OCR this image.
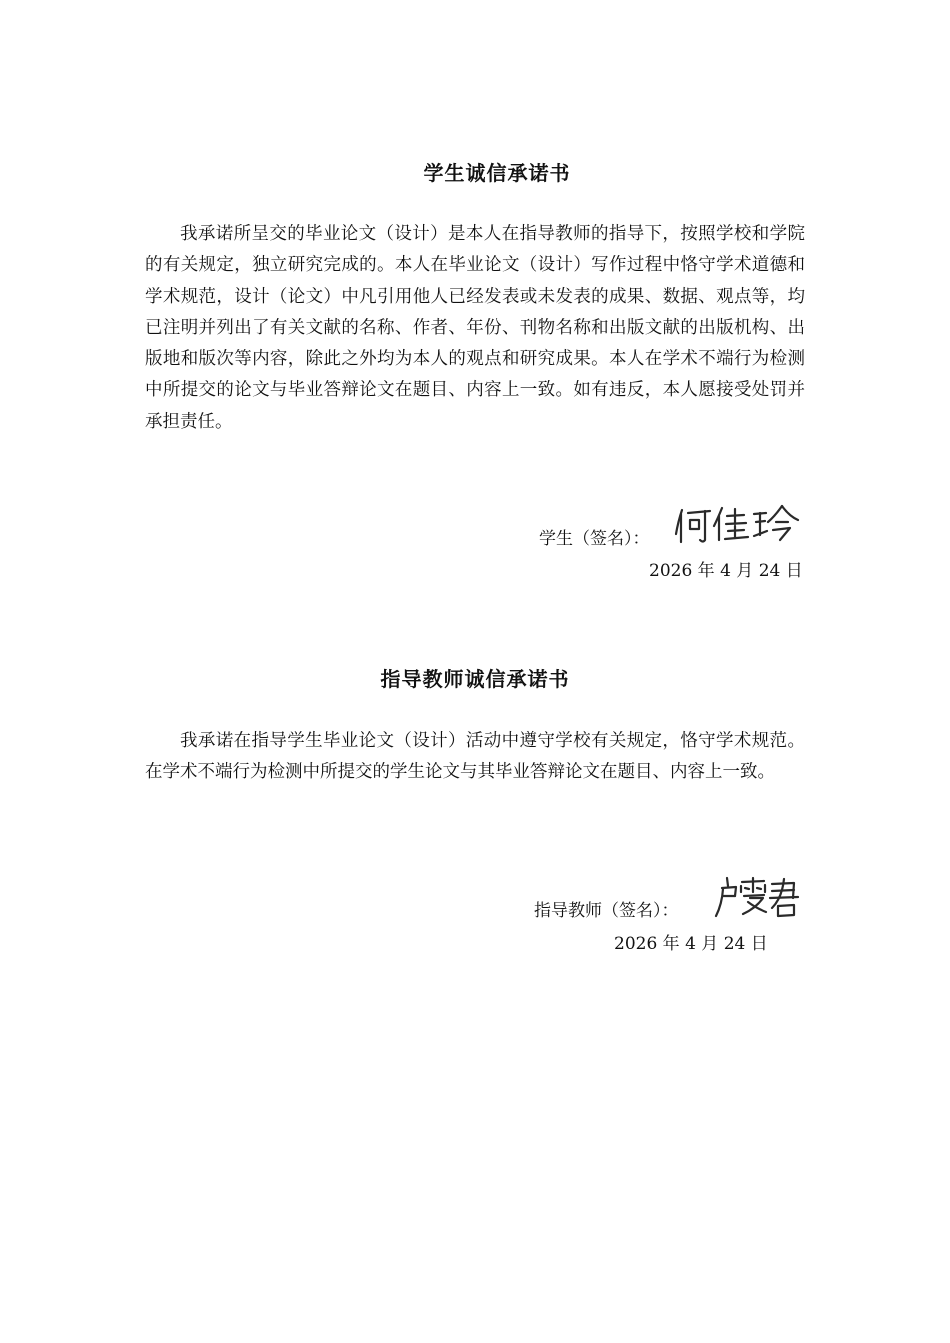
学生诚信承诺书

我承诺所呈交的毕业论文（设计）是本人在指导教师的指导下，按照学校和学院的有关规定，独立研究完成的。本人在毕业论文（设计）写作过程中恪守学术道德和学术规范，设计（论文）中凡引用他人已经发表或未发表的成果、数据、观点等，均已注明并列出了有关文献的名称、作者、年份、刊物名称和出版文献的出版机构、出版地和版次等内容，除此之外均为本人的观点和研究成果。本人在学术不端行为检测中所提交的论文与毕业答辩论文在题目、内容上一致。如有违反，本人愿接受处罚并承担责任。

学生（签名）：
2026 年 4 月 24 日
指导教师诚信承诺书

我承诺在指导学生毕业论文（设计）活动中遵守学校有关规定，恪守学术规范。在学术不端行为检测中所提交的学生论文与其毕业答辩论文在题目、内容上一致。

指导教师（签名）：
2026 年 4 月 24 日
